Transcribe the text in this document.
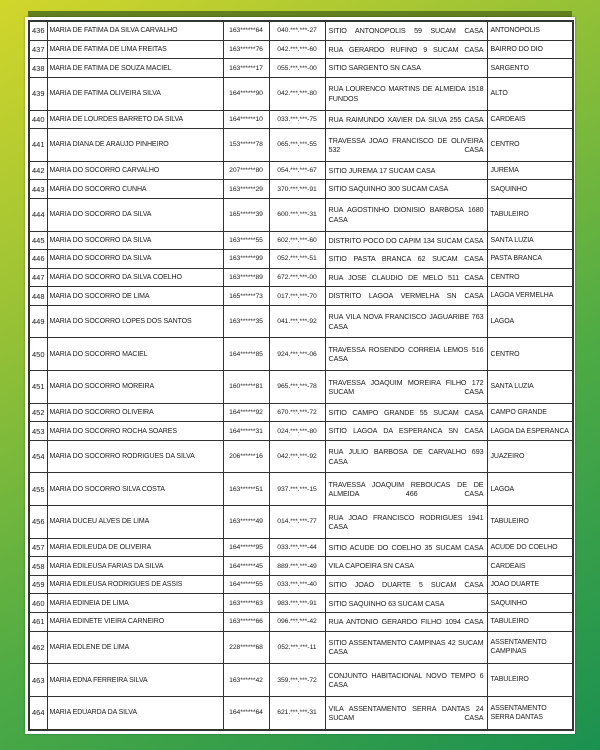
436	MARIA DE FATIMA DA SILVA CARVALHO	163******64	040.***.***-27	SITIO ANTONOPOLIS 59 SUCAM CASA	ANTONOPOLIS
437	MARIA DE FATIMA DE LIMA FREITAS	163******76	042.***.***-60	RUA GERARDO RUFINO 9 SUCAM CASA	BAIRRO DO DIO
438	MARIA DE FATIMA DE SOUZA MACIEL	163******17	055.***.***-00	SITIO SARGENTO SN CASA	SARGENTO
439	MARIA DE FATIMA OLIVEIRA SILVA	164******90	042.***.***-80	RUA LOURENCO MARTINS DE ALMEIDA 1518 FUNDOS	ALTO
440	MARIA DE LOURDES BARRETO DA SILVA	164******10	033.***.***-75	RUA RAIMUNDO XAVIER DA SILVA 255 CASA	CARDEAIS
441	MARIA DIANA DE ARAUJO PINHEIRO	153******78	065.***.***-55	TRAVESSA JOAO FRANCISCO DE OLIVEIRA 532 CASA	CENTRO
442	MARIA DO SOCORRO CARVALHO	207******80	054.***.***-67	SITIO JUREMA 17 SUCAM CASA	JUREMA
443	MARIA DO SOCORRO CUNHA	163******29	370.***.***-91	SITIO SAQUINHO 300 SUCAM CASA	SAQUINHO
444	MARIA DO SOCORRO DA SILVA	165******39	600.***.***-31	RUA AGOSTINHO DIONISIO BARBOSA 1680 CASA	TABULEIRO
445	MARIA DO SOCORRO DA SILVA	163******55	602.***.***-60	DISTRITO POCO DO CAPIM 134 SUCAM CASA	SANTA LUZIA
446	MARIA DO SOCORRO DA SILVA	163******99	052.***.***-51	SITIO PASTA BRANCA 62 SUCAM CASA	PASTA BRANCA
447	MARIA DO SOCORRO DA SILVA COELHO	163******89	672.***.***-00	RUA JOSE CLAUDIO DE MELO 511 CASA	CENTRO
448	MARIA DO SOCORRO DE LIMA	165******73	017.***.***-70	DISTRITO LAGOA VERMELHA SN CASA	LAGOA VERMELHA
449	MARIA DO SOCORRO LOPES DOS SANTOS	163******35	041.***.***-92	RUA VILA NOVA FRANCISCO JAGUARIBE 763 CASA	LAGOA
450	MARIA DO SOCORRO MACIEL	164******85	924.***.***-06	TRAVESSA ROSENDO CORREIA LEMOS 516 CASA	CENTRO
451	MARIA DO SOCORRO MOREIRA	160******81	965.***.***-78	TRAVESSA JOAQUIM MOREIRA FILHO 172 SUCAM CASA	SANTA LUZIA
452	MARIA DO SOCORRO OLIVEIRA	164******92	670.***.***-72	SITIO CAMPO GRANDE 55 SUCAM CASA	CAMPO GRANDE
453	MARIA DO SOCORRO ROCHA SOARES	164******31	024.***.***-80	SITIO LAGOA DA ESPERANCA SN CASA	LAGOA DA ESPERANCA
454	MARIA DO SOCORRO RODRIGUES DA SILVA	206******16	042.***.***-92	RUA JULIO BARBOSA DE CARVALHO 693 CASA	JUAZEIRO
455	MARIA DO SOCORRO SILVA COSTA	163******51	937.***.***-15	TRAVESSA JOAQUIM REBOUCAS DE DE ALMEIDA 466 CASA	LAGOA
456	MARIA DUCEU ALVES DE LIMA	163******49	014.***.***-77	RUA JOAO FRANCISCO RODRIGUES 1941 CASA	TABULEIRO
457	MARIA EDILEUDA DE OLIVEIRA	164******95	033.***.***-44	SITIO ACUDE DO COELHO 35 SUCAM CASA	ACUDE DO COELHO
458	MARIA EDILEUSA FARIAS DA SILVA	164******45	889.***.***-49	VILA CAPOEIRA SN CASA	CARDEAIS
459	MARIA EDILEUSA RODRIGUES DE ASSIS	164******55	033.***.***-40	SITIO JOAO DUARTE 5 SUCAM CASA	JOAO DUARTE
460	MARIA EDINEIA DE LIMA	163******63	983.***.***-91	SITIO SAQUINHO 63 SUCAM CASA	SAQUINHO
461	MARIA EDINETE VIEIRA CARNEIRO	163******66	096.***.***-42	RUA ANTONIO GERARDO FILHO 1094 CASA	TABULEIRO
462	MARIA EDLENE DE LIMA	228******68	052.***.***-11	SITIO ASSENTAMENTO CAMPINAS 42 SUCAM CASA	ASSENTAMENTO CAMPINAS
463	MARIA EDNA FERREIRA SILVA	163******42	359.***.***-72	CONJUNTO HABITACIONAL NOVO TEMPO 6 CASA	TABULEIRO
464	MARIA EDUARDA DA SILVA	164******64	621.***.***-31	VILA ASSENTAMENTO SERRA DANTAS 24 SUCAM CASA	ASSENTAMENTO SERRA DANTAS
